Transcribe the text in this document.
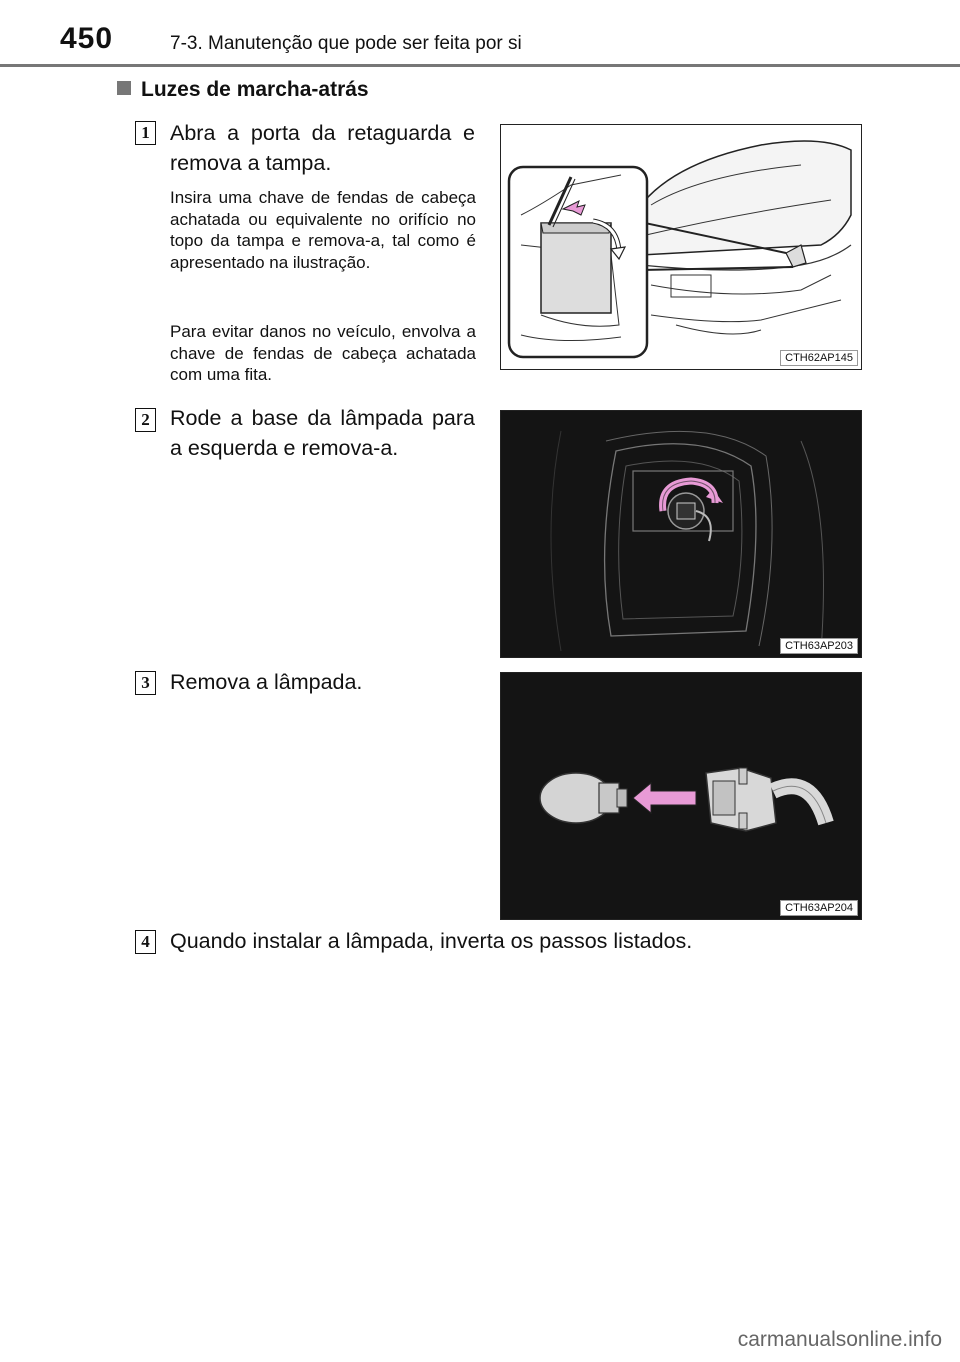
450	7-3. Manutenção que pode ser feita por si
Luzes de marcha-atrás
1 Abra a porta da retaguarda e remova a tampa.
Insira uma chave de fendas de cabeça achatada ou equivalente no orifício no topo da tampa e remova-a, tal como é apresentado na ilustração.
Para evitar danos no veículo, envolva a chave de fendas de cabeça achatada com uma fita.
CTH62AP145
2 Rode a base da lâmpada para a esquerda e remova-a.
CTH63AP203
3 Remova a lâmpada.
CTH63AP204
4 Quando instalar a lâmpada, inverta os passos listados.
carmanualsonline.info
